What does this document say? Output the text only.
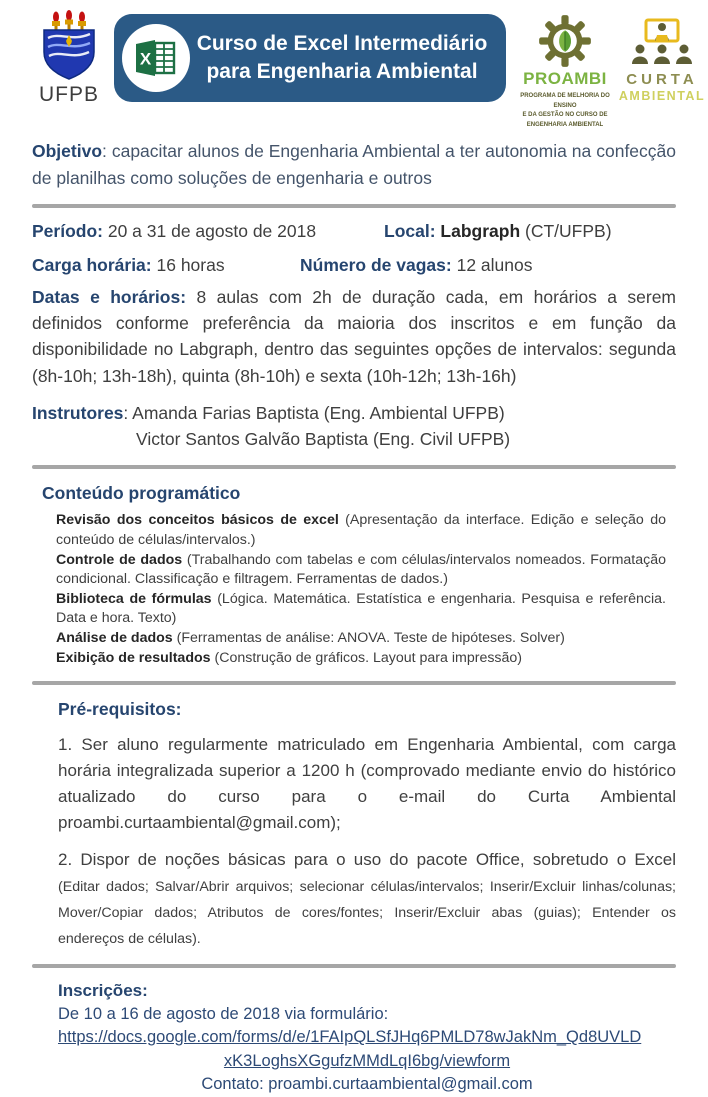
UFPB
X
Curso de Excel Intermediário
para Engenharia Ambiental	PROAMBI
PROGRAMA DE MELHORIA DO ENSINO
E DA GESTÃO NO CURSO DE
ENGENHARIA AMBIENTAL
CURTA
AMBIENTAL

Objetivo: capacitar alunos de Engenharia Ambiental a ter autonomia na confecção de planilhas como soluções de engenharia e outros

Período: 20 a 31 de agosto de 2018	Local: Labgraph (CT/UFPB)
Carga horária: 16 horas	Número de vagas: 12 alunos

Datas e horários: 8 aulas com 2h de duração cada, em horários a serem definidos conforme preferência da maioria dos inscritos e em função da disponibilidade no Labgraph, dentro das seguintes opções de intervalos: segunda (8h-10h; 13h-18h), quinta (8h-10h) e sexta (10h-12h; 13h-16h)

Instrutores: Amanda Farias Baptista (Eng. Ambiental UFPB)
Victor Santos Galvão Baptista (Eng. Civil UFPB)
Conteúdo programático
Revisão dos conceitos básicos de excel (Apresentação da interface. Edição e seleção do conteúdo de células/intervalos.)
Controle de dados (Trabalhando com tabelas e com células/intervalos nomeados. Formatação condicional. Classificação e filtragem. Ferramentas de dados.)
Biblioteca de fórmulas (Lógica. Matemática. Estatística e engenharia. Pesquisa e referência. Data e hora. Texto)
Análise de dados (Ferramentas de análise: ANOVA. Teste de hipóteses. Solver)
Exibição de resultados (Construção de gráficos. Layout para impressão)
Pré-requisitos:

1. Ser aluno regularmente matriculado em Engenharia Ambiental, com carga horária integralizada superior a 1200 h (comprovado mediante envio do histórico atualizado do curso para o e-mail do Curta Ambiental proambi.curtaambiental@gmail.com);

2. Dispor de noções básicas para o uso do pacote Office, sobretudo o Excel (Editar dados; Salvar/Abrir arquivos; selecionar células/intervalos; Inserir/Excluir linhas/colunas; Mover/Copiar dados; Atributos de cores/fontes; Inserir/Excluir abas (guias); Entender os endereços de células).

Inscrições:
De 10 a 16 de agosto de 2018 via formulário:
https://docs.google.com/forms/d/e/1FAIpQLSfJHq6PMLD78wJakNm_Qd8UVLD
xK3LoghsXGgufzMMdLqI6bg/viewform
Contato: proambi.curtaambiental@gmail.com
